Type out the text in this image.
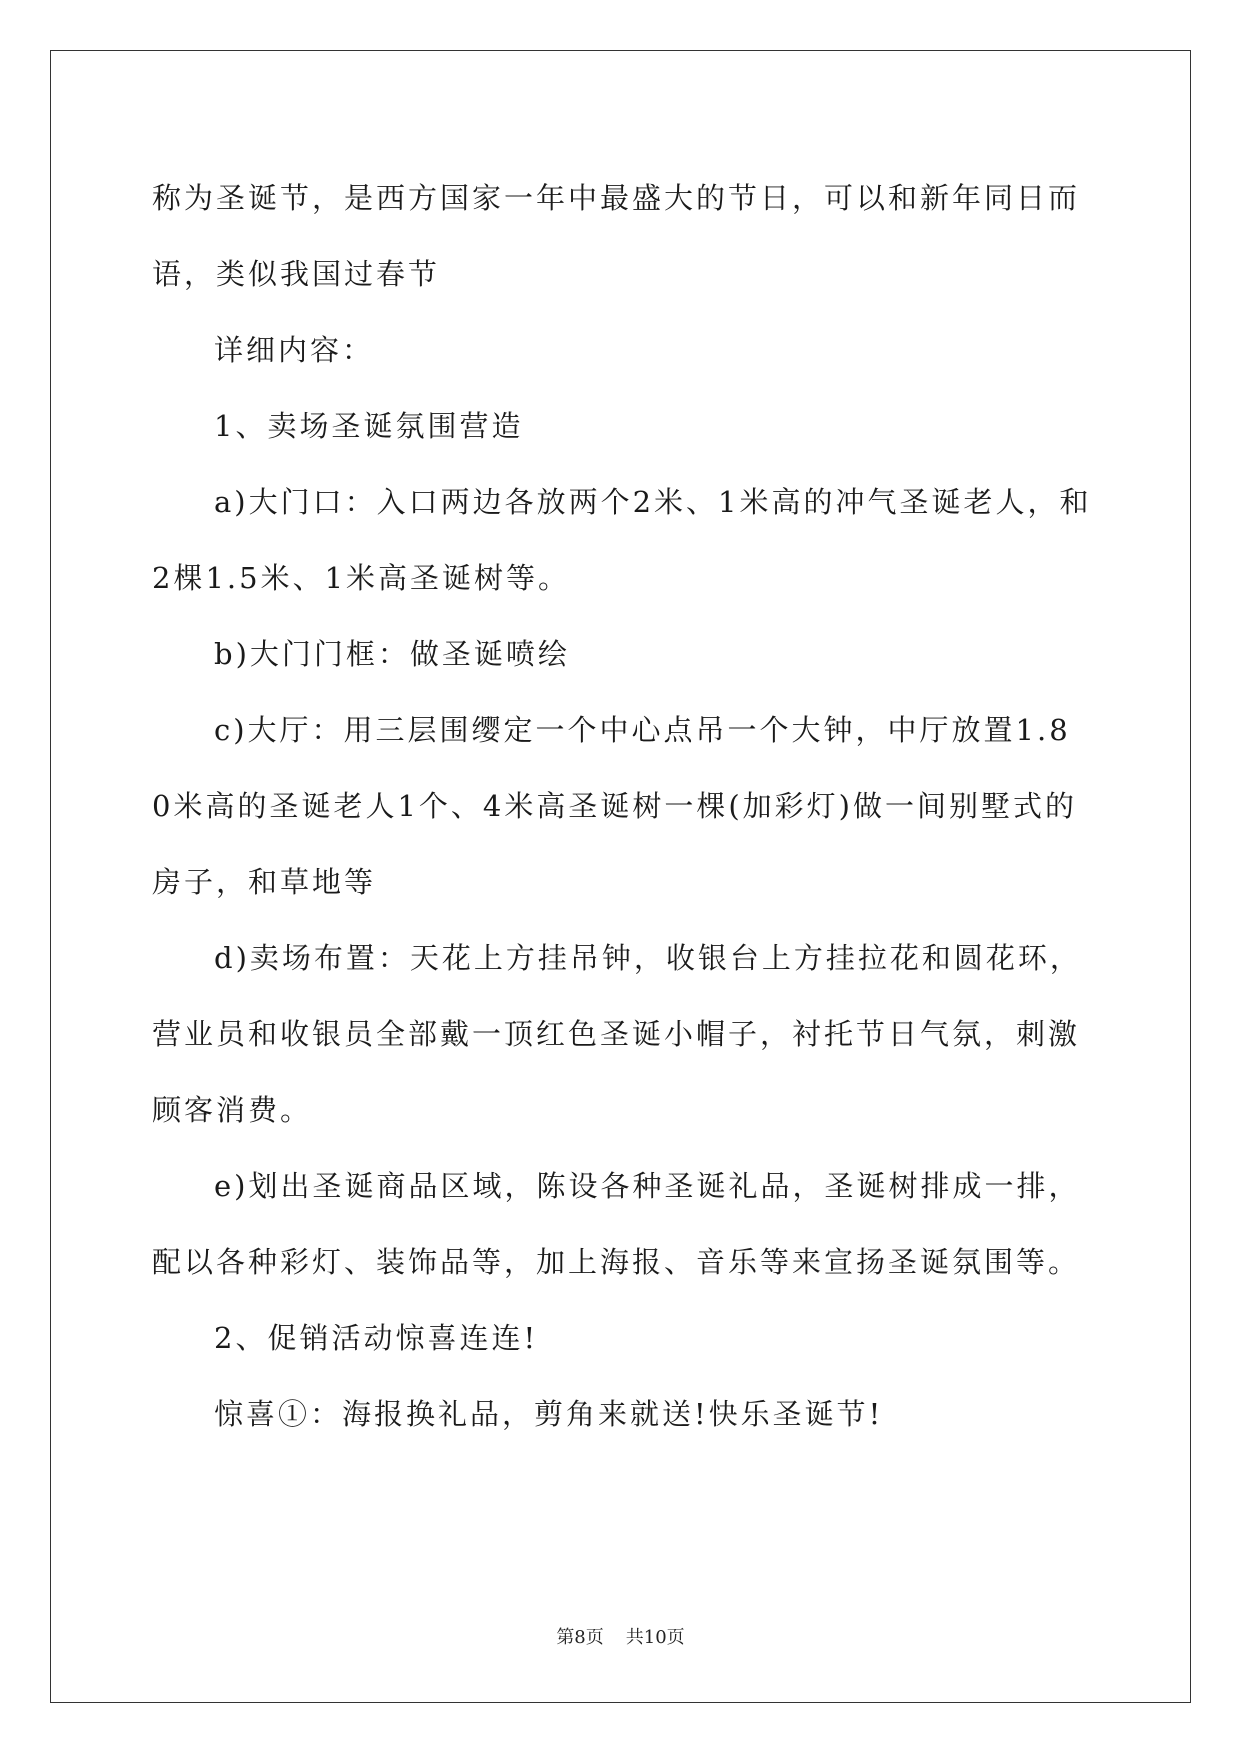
称为圣诞节，是西方国家一年中最盛大的节日，可以和新年同日而语，类似我国过春节

详细内容：

1、卖场圣诞氛围营造

a)大门口：入口两边各放两个2米、1米高的冲气圣诞老人，和2棵1.5米、1米高圣诞树等。

b)大门门框：做圣诞喷绘

c)大厅：用三层围缨定一个中心点吊一个大钟，中厅放置1.80米高的圣诞老人1个、4米高圣诞树一棵(加彩灯)做一间别墅式的房子，和草地等

d)卖场布置：天花上方挂吊钟，收银台上方挂拉花和圆花环，营业员和收银员全部戴一顶红色圣诞小帽子，衬托节日气氛，刺激顾客消费。

e)划出圣诞商品区域，陈设各种圣诞礼品，圣诞树排成一排，配以各种彩灯、装饰品等，加上海报、音乐等来宣扬圣诞氛围等。

2、促销活动惊喜连连!

惊喜①：海报换礼品，剪角来就送!快乐圣诞节!

第8页 共10页
